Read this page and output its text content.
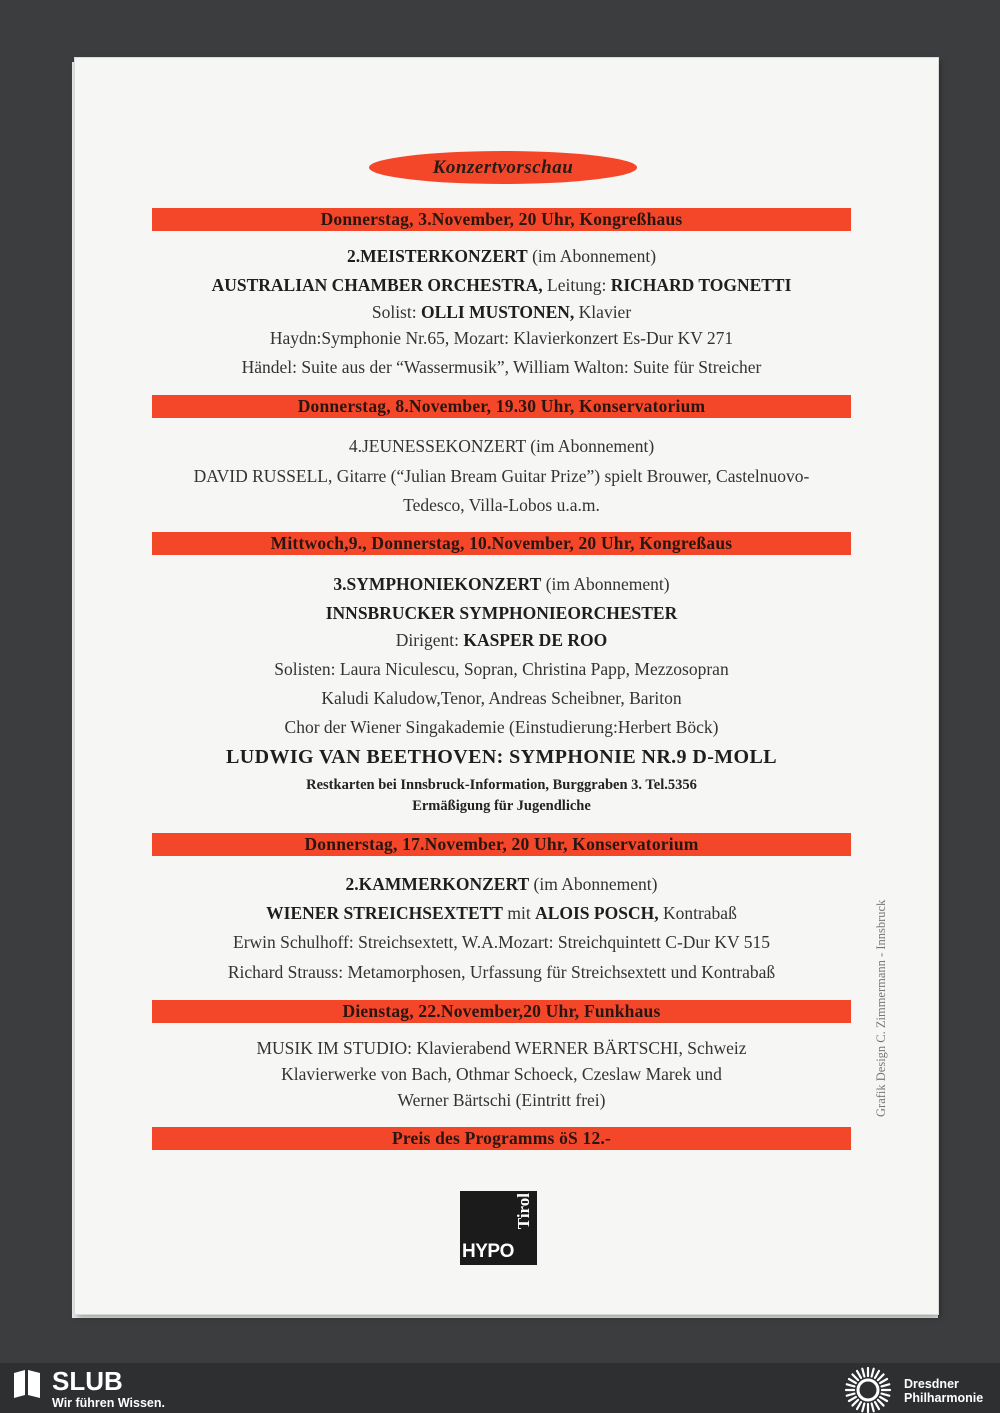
Konzertvorschau
Donnerstag, 3.November, 20 Uhr, Kongreßhaus
2.MEISTERKONZERT (im Abonnement)
AUSTRALIAN CHAMBER ORCHESTRA, Leitung: RICHARD TOGNETTI
Solist: OLLI MUSTONEN, Klavier
Haydn:Symphonie Nr.65, Mozart: Klavierkonzert Es-Dur KV 271
Händel: Suite aus der “Wassermusik”, William Walton: Suite für Streicher
Donnerstag, 8.November, 19.30 Uhr, Konservatorium
4.JEUNESSEKONZERT (im Abonnement)
DAVID RUSSELL, Gitarre (“Julian Bream Guitar Prize”) spielt Brouwer, Castelnuovo-
Tedesco, Villa-Lobos u.a.m.
Mittwoch,9., Donnerstag, 10.November, 20 Uhr, Kongreßaus
3.SYMPHONIEKONZERT (im Abonnement)
INNSBRUCKER SYMPHONIEORCHESTER
Dirigent: KASPER DE ROO
Solisten: Laura Niculescu, Sopran, Christina Papp, Mezzosopran
Kaludi Kaludow,Tenor, Andreas Scheibner, Bariton
Chor der Wiener Singakademie (Einstudierung:Herbert Böck)
LUDWIG VAN BEETHOVEN: SYMPHONIE NR.9 D-MOLL
Restkarten bei Innsbruck-Information, Burggraben 3. Tel.5356
Ermäßigung für Jugendliche
Donnerstag, 17.November, 20 Uhr, Konservatorium
2.KAMMERKONZERT (im Abonnement)
WIENER STREICHSEXTETT mit ALOIS POSCH, Kontrabaß
Erwin Schulhoff: Streichsextett, W.A.Mozart: Streichquintett C-Dur KV 515
Richard Strauss: Metamorphosen, Urfassung für Streichsextett und Kontrabaß
Dienstag, 22.November,20 Uhr, Funkhaus
MUSIK IM STUDIO: Klavierabend WERNER BÄRTSCHI, Schweiz
Klavierwerke von Bach, Othmar Schoeck, Czeslaw Marek und
Werner Bärtschi (Eintritt frei)
Preis des Programms öS 12.-
Tirol
HYPO
Grafik Design C. Zimmermann - Innsbruck
SLUB
Wir führen Wissen.
Dresdner
Philharmonie
